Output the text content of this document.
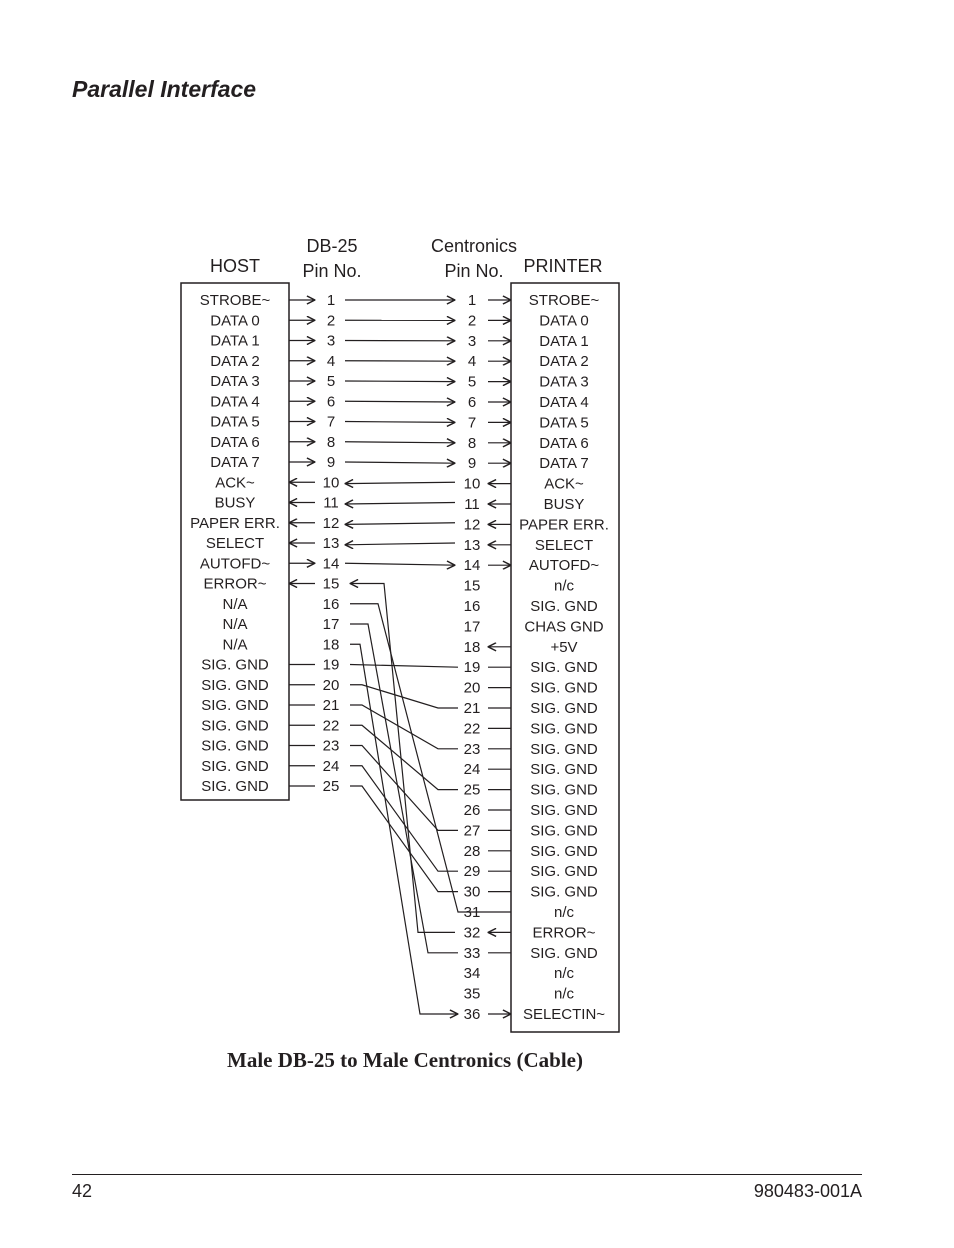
Parallel Interface
HOST	PRINTER
DB-25
Pin No.
Centronics
Pin No.
STROBE~
DATA 0
DATA 1
DATA 2
DATA 3
DATA 4
DATA 5
DATA 6
DATA 7
ACK~
BUSY
PAPER ERR.
SELECT
AUTOFD~
ERROR~
N/A
N/A
N/A
SIG. GND
SIG. GND
SIG. GND
SIG. GND
SIG. GND
SIG. GND
SIG. GND
1
2
3
4
5
6
7
8
9
10
11
12
13
14
15
16
17
18
19
20
21
22
23
24
25
1
2
3
4
5
6
7
8
9
10
11
12
13
14
15
16
17
18
19
20
21
22
23
24
25
26
27
28
29
30
31
32
33
34
35
36
STROBE~
DATA 0
DATA 1
DATA 2
DATA 3
DATA 4
DATA 5
DATA 6
DATA 7
ACK~
BUSY
PAPER ERR.
SELECT
AUTOFD~
n/c
SIG. GND
CHAS GND
+5V
SIG. GND
SIG. GND
SIG. GND
SIG. GND
SIG. GND
SIG. GND
SIG. GND
SIG. GND
SIG. GND
SIG. GND
SIG. GND
SIG. GND
n/c
ERROR~
SIG. GND
n/c
n/c
SELECTIN~
Male DB-25 to Male Centronics (Cable)
42	980483-001A
